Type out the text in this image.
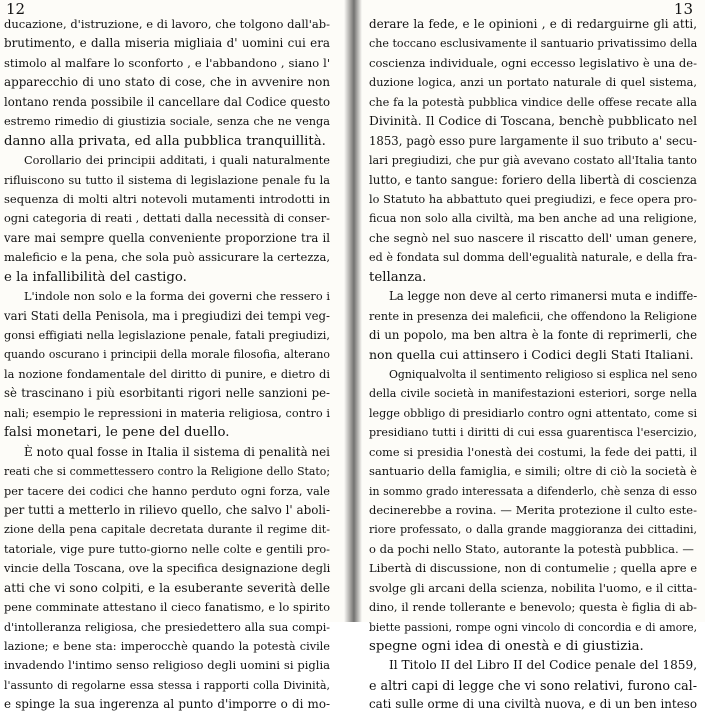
12
ducazione, d'istruzione, e di lavoro, che tolgono dall'ab-
brutimento, e dalla miseria migliaia d' uomini cui era
stimolo al malfare lo sconforto , e l'abbandono , siano l'
apparecchio di uno stato di cose, che in avvenire non
lontano renda possibile il cancellare dal Codice questo
estremo rimedio di giustizia sociale, senza che ne venga
danno alla privata, ed alla pubblica tranquillità.
Corollario dei principii additati, i quali naturalmente
rifluiscono su tutto il sistema di legislazione penale fu la
sequenza di molti altri notevoli mutamenti introdotti in
ogni categoria di reati , dettati dalla necessità di conser-
vare mai sempre quella conveniente proporzione tra il
maleficio e la pena, che sola può assicurare la certezza,
e la infallibilità del castigo.
L'indole non solo e la forma dei governi che ressero i
vari Stati della Penisola, ma i pregiudizi dei tempi veg-
gonsi effigiati nella legislazione penale, fatali pregiudizi,
quando oscurano i principii della morale filosofia, alterano
la nozione fondamentale del diritto di punire, e dietro di
sè trascinano i più esorbitanti rigori nelle sanzioni pe-
nali; esempio le repressioni in materia religiosa, contro i
falsi monetari, le pene del duello.
È noto qual fosse in Italia il sistema di penalità nei
reati che si commettessero contro la Religione dello Stato;
per tacere dei codici che hanno perduto ogni forza, vale
per tutti a metterlo in rilievo quello, che salvo l' aboli-
zione della pena capitale decretata durante il regime dit-
tatoriale, vige pure tutto-giorno nelle colte e gentili pro-
vincie della Toscana, ove la specifica designazione degli
atti che vi sono colpiti, e la esuberante severità delle
pene comminate attestano il cieco fanatismo, e lo spirito
d'intolleranza religiosa, che presiedettero alla sua compi-
lazione; e bene sta: imperocchè quando la potestà civile
invadendo l'intimo senso religioso degli uomini si piglia
l'assunto di regolarne essa stessa i rapporti colla Divinità,
e spinge la sua ingerenza al punto d'imporre o di mo-
13
derare la fede, e le opinioni , e di redarguirne gli atti,
che toccano esclusivamente il santuario privatissimo della
coscienza individuale, ogni eccesso legislativo è una de-
duzione logica, anzi un portato naturale di quel sistema,
che fa la potestà pubblica vindice delle offese recate alla
Divinità. Il Codice di Toscana, benchè pubblicato nel
1853, pagò esso pure largamente il suo tributo a' secu-
lari pregiudizi, che pur già avevano costato all'Italia tanto
lutto, e tanto sangue: foriero della libertà di coscienza
lo Statuto ha abbattuto quei pregiudizi, e fece opera pro-
ficua non solo alla civiltà, ma ben anche ad una religione,
che segnò nel suo nascere il riscatto dell' uman genere,
ed è fondata sul domma dell'egualità naturale, e della fra-
tellanza.
La legge non deve al certo rimanersi muta e indiffe-
rente in presenza dei maleficii, che offendono la Religione
di un popolo, ma ben altra è la fonte di reprimerli, che
non quella cui attinsero i Codici degli Stati Italiani.
Ogniqualvolta il sentimento religioso si esplica nel seno
della civile società in manifestazioni esteriori, sorge nella
legge obbligo di presidiarlo contro ogni attentato, come si
presidiano tutti i diritti di cui essa guarentisca l'esercizio,
come si presidia l'onestà dei costumi, la fede dei patti, il
santuario della famiglia, e simili; oltre di ciò la società è
in sommo grado interessata a difenderlo, chè senza di esso
decinerebbe a rovina. — Merita protezione il culto este-
riore professato, o dalla grande maggioranza dei cittadini,
o da pochi nello Stato, autorante la potestà pubblica. —
Libertà di discussione, non di contumelie ; quella apre e
svolge gli arcani della scienza, nobilita l'uomo, e il citta-
dino, il rende tollerante e benevolo; questa è figlia di ab-
biette passioni, rompe ogni vincolo di concordia e di amore,
spegne ogni idea di onestà e di giustizia.
Il Titolo II del Libro II del Codice penale del 1859,
e altri capi di legge che vi sono relativi, furono cal-
cati sulle orme di una civiltà nuova, e di un ben inteso
